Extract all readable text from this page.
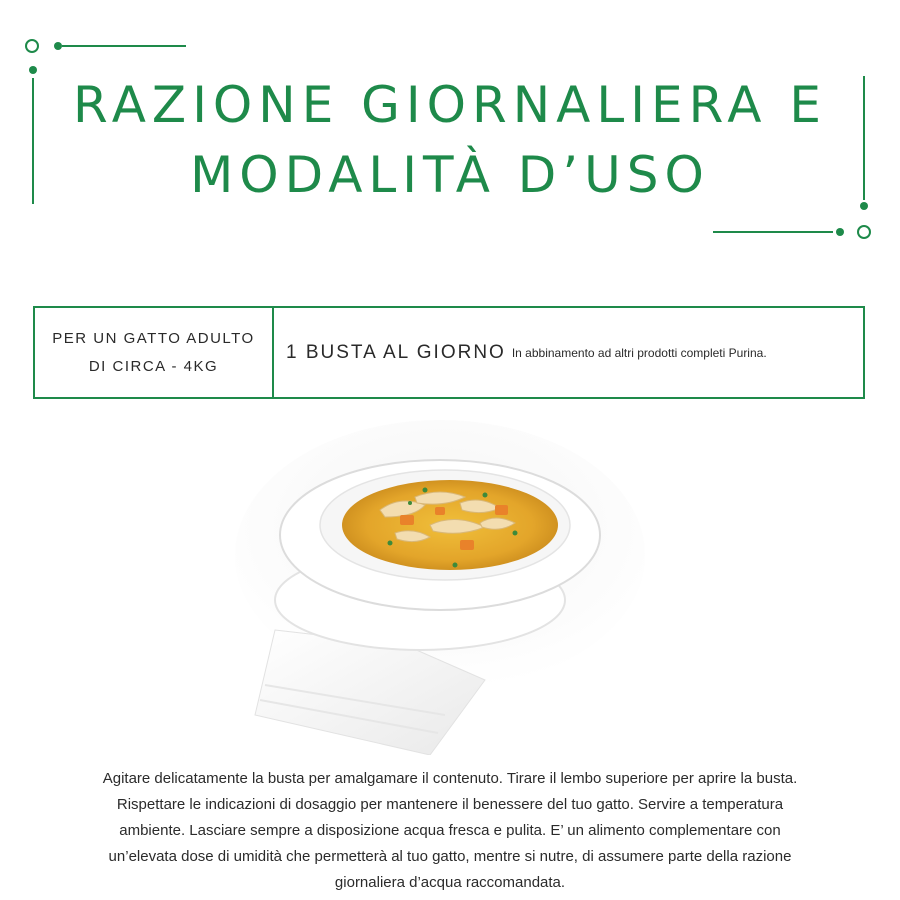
RAZIONE GIORNALIERA E
MODALITÀ D’USO
PER UN GATTO ADULTO
DI CIRCA - 4KG
1 BUSTA AL GIORNO In abbinamento ad altri prodotti completi Purina.

Agitare delicatamente la busta per amalgamare il contenuto. Tirare il lembo superiore per aprire la busta. Rispettare le indicazioni di dosaggio per mantenere il benessere del tuo gatto. Servire a temperatura ambiente. Lasciare sempre a disposizione acqua fresca e pulita. E’ un alimento complementare con un’elevata dose di umidità che permetterà al tuo gatto, mentre si nutre, di assumere parte della razione giornaliera d’acqua raccomandata.
